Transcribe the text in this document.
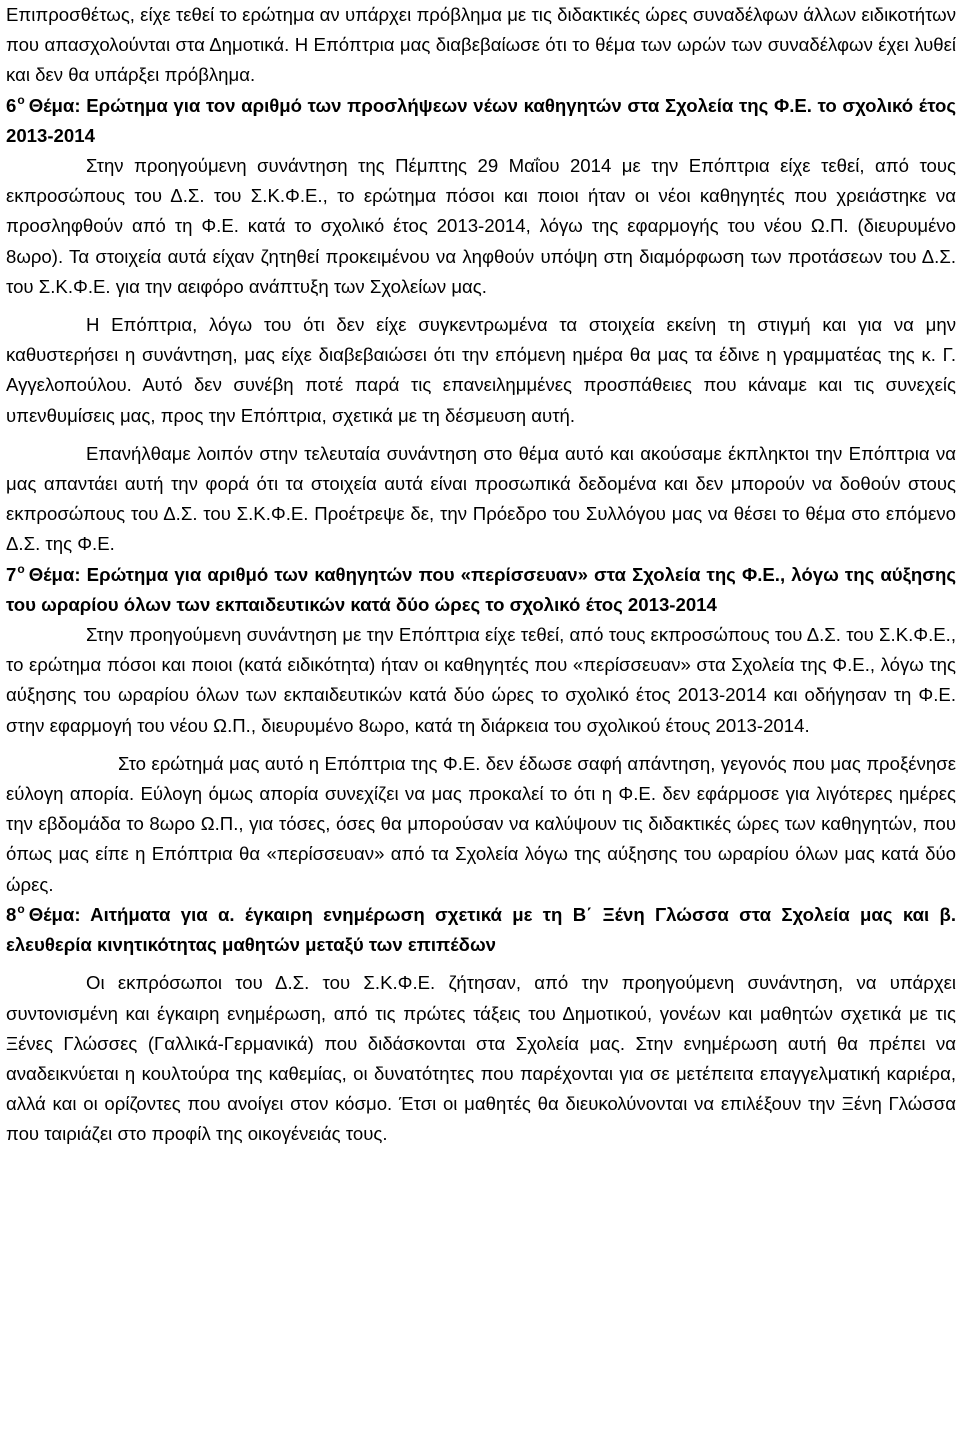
Επιπροσθέτως, είχε τεθεί το ερώτημα αν υπάρχει πρόβλημα με τις διδακτικές ώρες συναδέλφων άλλων ειδικοτήτων που απασχολούνται στα Δημοτικά. Η Επόπτρια μας διαβεβαίωσε ότι το θέμα των ωρών των συναδέλφων έχει λυθεί και δεν θα υπάρξει πρόβλημα.

$6^o$ Θέμα: Ερώτημα για τον αριθμό των προσλήψεων νέων καθηγητών στα Σχολεία της Φ.Ε. το σχολικό έτος 2013-2014

Στην προηγούμενη συνάντηση της Πέμπτης 29 Μαΐου 2014 με την Επόπτρια είχε τεθεί, από τους εκπροσώπους του Δ.Σ. του Σ.Κ.Φ.Ε., το ερώτημα πόσοι και ποιοι ήταν οι νέοι καθηγητές που χρειάστηκε να προσληφθούν από τη Φ.Ε. κατά το σχολικό έτος 2013-2014, λόγω της εφαρμογής του νέου Ω.Π. (διευρυμένο 8ωρο). Τα στοιχεία αυτά είχαν ζητηθεί προκειμένου να ληφθούν υπόψη στη διαμόρφωση των προτάσεων του Δ.Σ. του Σ.Κ.Φ.Ε. για την αειφόρο ανάπτυξη των Σχολείων μας.

Η Επόπτρια, λόγω του ότι δεν είχε συγκεντρωμένα τα στοιχεία εκείνη τη στιγμή και για να μην καθυστερήσει η συνάντηση, μας είχε διαβεβαιώσει ότι την επόμενη ημέρα θα μας τα έδινε η γραμματέας της κ. Γ. Αγγελοπούλου. Αυτό δεν συνέβη ποτέ παρά τις επανειλημμένες προσπάθειες που κάναμε και τις συνεχείς υπενθυμίσεις μας, προς την Επόπτρια, σχετικά με τη δέσμευση αυτή.

Επανήλθαμε λοιπόν στην τελευταία συνάντηση στο θέμα αυτό και ακούσαμε έκπληκτοι την Επόπτρια να μας απαντάει αυτή την φορά ότι τα στοιχεία αυτά είναι προσωπικά δεδομένα και δεν μπορούν να δοθούν στους εκπροσώπους του Δ.Σ. του Σ.Κ.Φ.Ε. Προέτρεψε δε, την Πρόεδρο του Συλλόγου μας να θέσει το θέμα στο επόμενο Δ.Σ. της Φ.Ε.

$7^o$ Θέμα: Ερώτημα για αριθμό των καθηγητών που «περίσσευαν» στα Σχολεία της Φ.Ε., λόγω της αύξησης του ωραρίου όλων των εκπαιδευτικών κατά δύο ώρες το σχολικό έτος 2013-2014

Στην προηγούμενη συνάντηση με την Επόπτρια είχε τεθεί, από τους εκπροσώπους του Δ.Σ. του Σ.Κ.Φ.Ε., το ερώτημα πόσοι και ποιοι (κατά ειδικότητα) ήταν οι καθηγητές που «περίσσευαν» στα Σχολεία της Φ.Ε., λόγω της αύξησης του ωραρίου όλων των εκπαιδευτικών κατά δύο ώρες το σχολικό έτος 2013-2014 και οδήγησαν τη Φ.Ε. στην εφαρμογή του νέου Ω.Π., διευρυμένο 8ωρο, κατά τη διάρκεια του σχολικού έτους 2013-2014.

Στο ερώτημά μας αυτό η Επόπτρια της Φ.Ε. δεν έδωσε σαφή απάντηση, γεγονός που μας προξένησε εύλογη απορία. Εύλογη όμως απορία συνεχίζει να μας προκαλεί το ότι η Φ.Ε. δεν εφάρμοσε για λιγότερες ημέρες την εβδομάδα το 8ωρο Ω.Π., για τόσες, όσες θα μπορούσαν να καλύψουν τις διδακτικές ώρες των καθηγητών, που όπως μας είπε η Επόπτρια θα «περίσσευαν» από τα Σχολεία λόγω της αύξησης του ωραρίου όλων μας κατά δύο ώρες.

$8^o$ Θέμα: Αιτήματα για α. έγκαιρη ενημέρωση σχετικά με τη Β΄ Ξένη Γλώσσα στα Σχολεία μας και β. ελευθερία κινητικότητας μαθητών μεταξύ των επιπέδων

Οι εκπρόσωποι του Δ.Σ. του Σ.Κ.Φ.Ε. ζήτησαν, από την προηγούμενη συνάντηση, να υπάρχει συντονισμένη και έγκαιρη ενημέρωση, από τις πρώτες τάξεις του Δημοτικού, γονέων και μαθητών σχετικά με τις Ξένες Γλώσσες (Γαλλικά-Γερμανικά) που διδάσκονται στα Σχολεία μας. Στην ενημέρωση αυτή θα πρέπει να αναδεικνύεται η κουλτούρα της καθεμίας, οι δυνατότητες που παρέχονται για σε μετέπειτα επαγγελματική καριέρα, αλλά και οι ορίζοντες που ανοίγει στον κόσμο. Έτσι οι μαθητές θα διευκολύνονται να επιλέξουν την Ξένη Γλώσσα που ταιριάζει στο προφίλ της οικογένειάς τους.
